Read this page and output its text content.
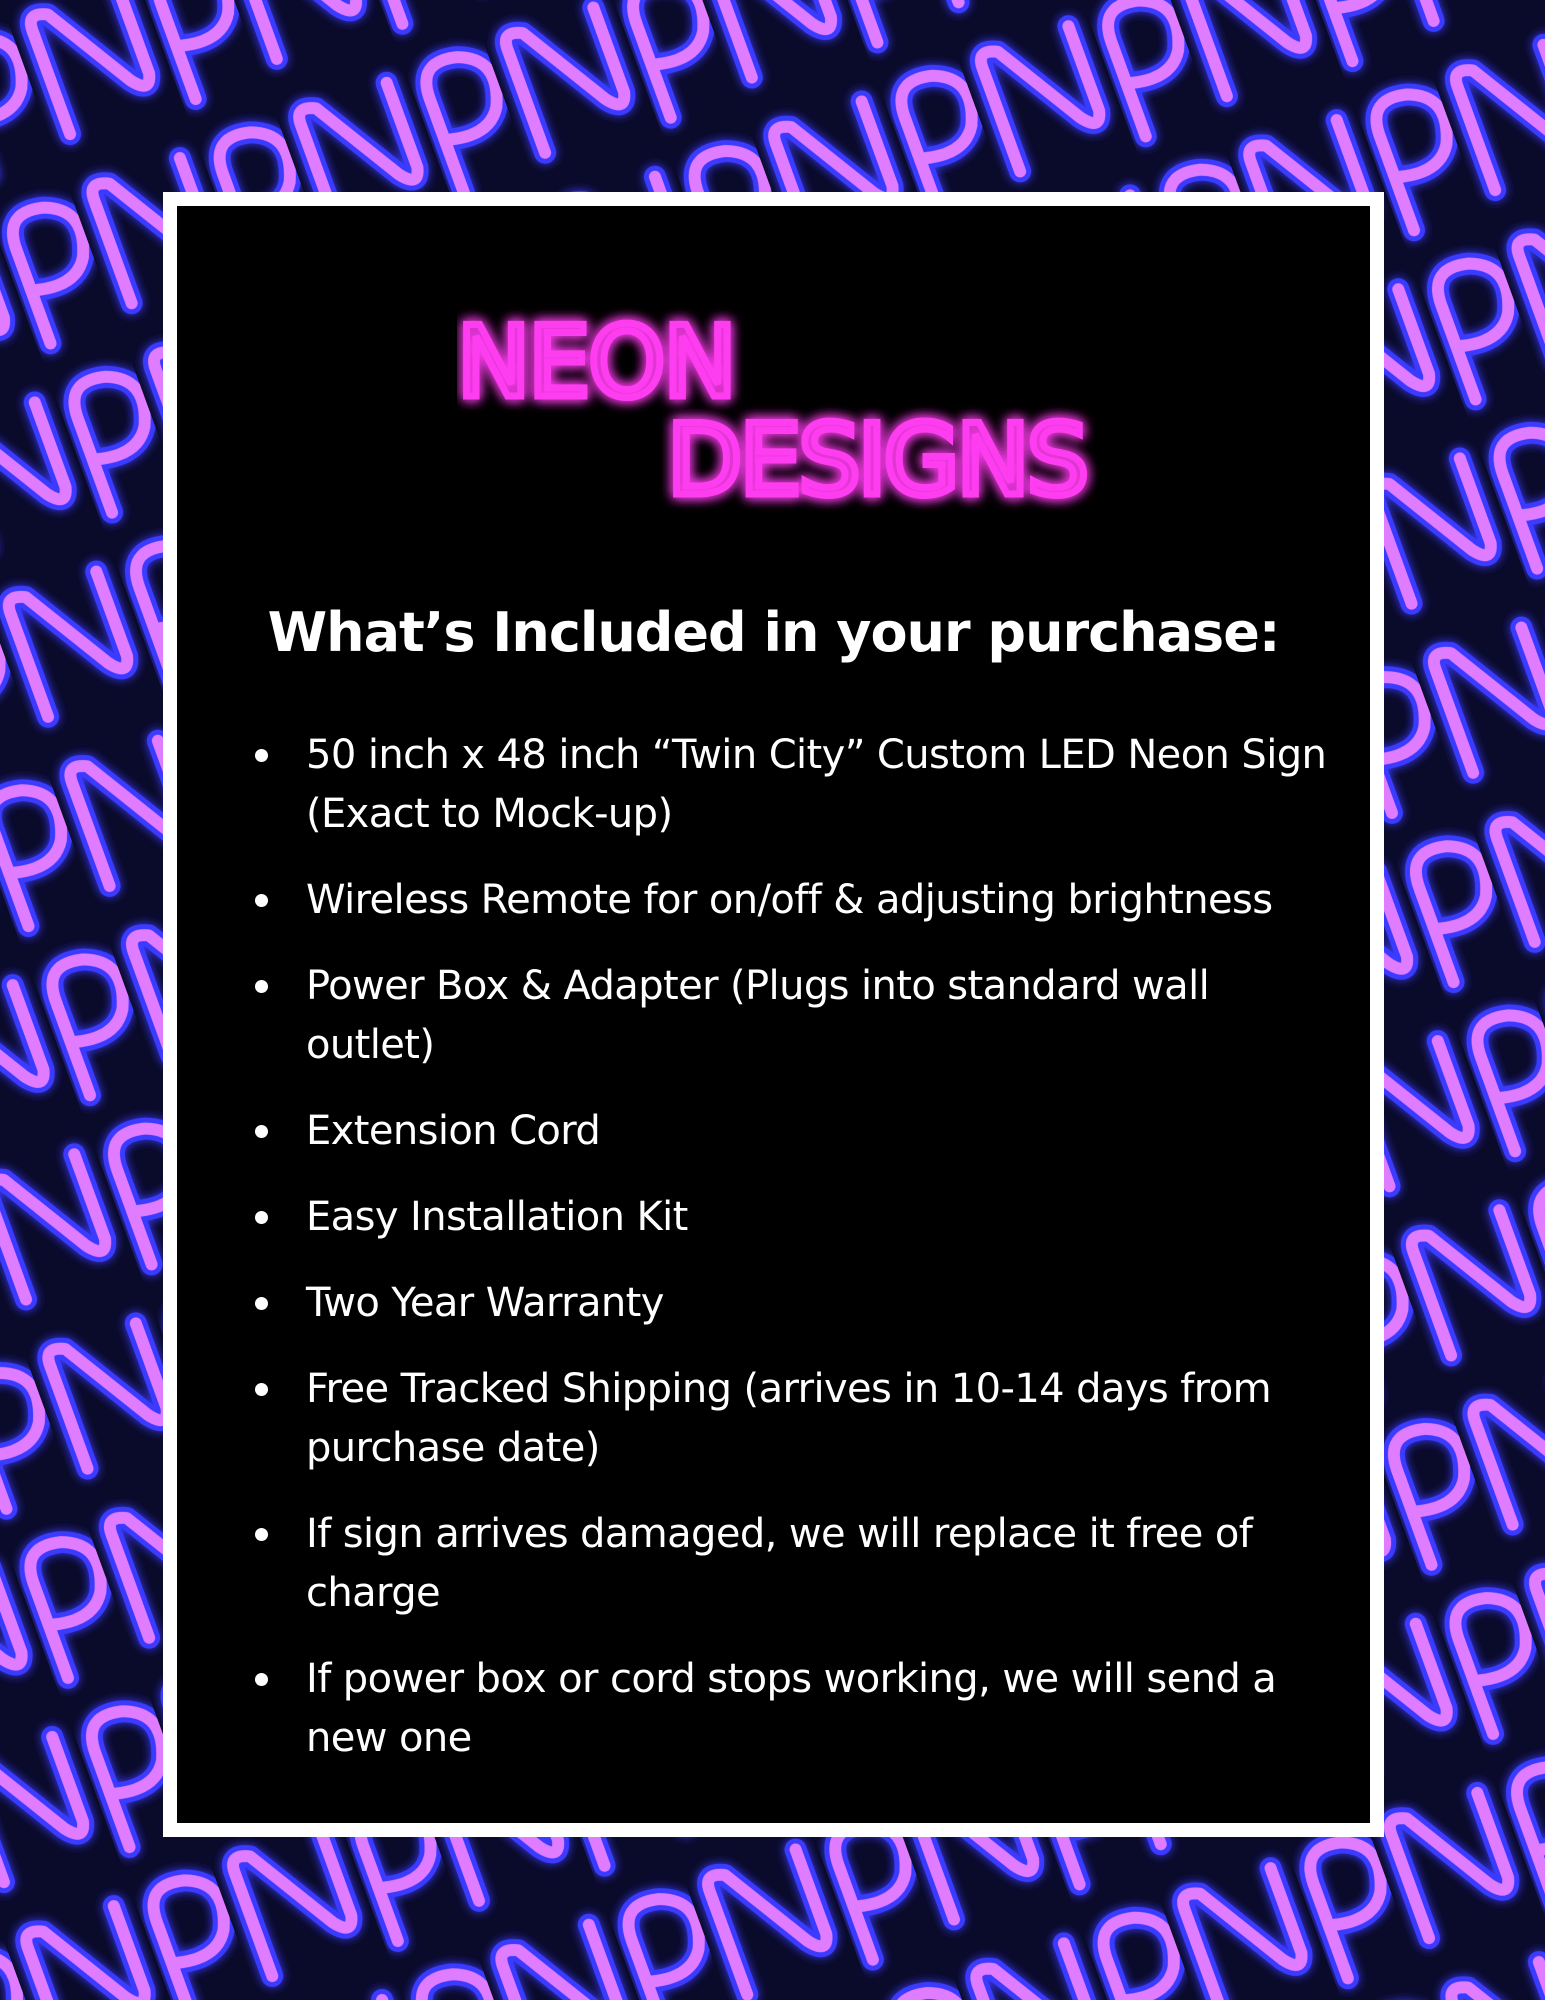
NEON
DESIGNS
What’s Included in your purchase:
50 inch x 48 inch “Twin City” Custom LED Neon Sign (Exact to Mock-up)
Wireless Remote for on/off & adjusting brightness
Power Box & Adapter (Plugs into standard wall outlet)
Extension Cord
Easy Installation Kit
Two Year Warranty
Free Tracked Shipping (arrives in 10-14 days from purchase date)
If sign arrives damaged, we will replace it free of charge
If power box or cord stops working, we will send a new one
